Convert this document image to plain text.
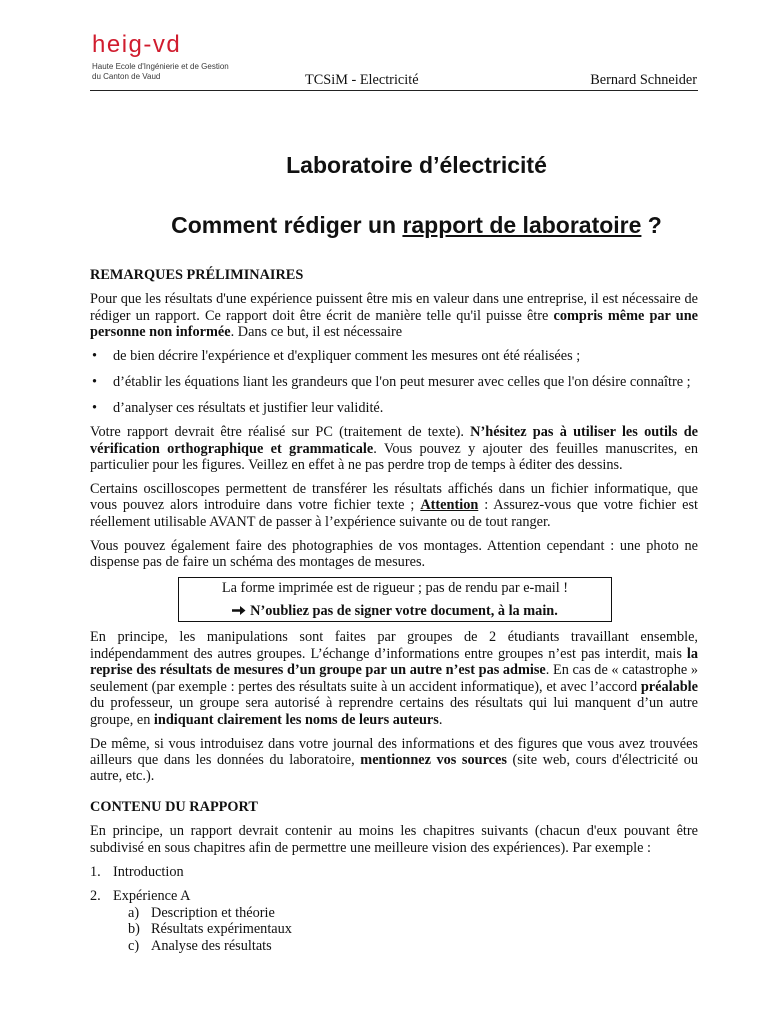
heig-vd
Haute Ecole d'Ingénierie et de Gestion
du Canton de Vaud	TCSiM - Electricité	Bernard Schneider
Laboratoire d’électricité
Comment rédiger un rapport de laboratoire ?
REMARQUES PRÉLIMINAIRES

Pour que les résultats d'une expérience puissent être mis en valeur dans une entreprise, il est nécessaire de rédiger un rapport. Ce rapport doit être écrit de manière telle qu'il puisse être compris même par une personne non informée. Dans ce but, il est nécessaire

•	de bien décrire l'expérience et d'expliquer comment les mesures ont été réalisées ;
•	d’établir les équations liant les grandeurs que l'on peut mesurer avec celles que l'on désire connaître ;
•	d’analyser ces résultats et justifier leur validité.

Votre rapport devrait être réalisé sur PC (traitement de texte). N’hésitez pas à utiliser les outils de vérification orthographique et grammaticale. Vous pouvez y ajouter des feuilles manuscrites, en particulier pour les figures. Veillez en effet à ne pas perdre trop de temps à éditer des dessins.

Certains oscilloscopes permettent de transférer les résultats affichés dans un fichier informatique, que vous pouvez alors introduire dans votre fichier texte ; Attention : Assurez-vous que votre fichier est réellement utilisable AVANT de passer à l’expérience suivante ou de tout ranger.

Vous pouvez également faire des photographies de vos montages. Attention cependant : une photo ne dispense pas de faire un schéma des montages de mesures.

La forme imprimée est de rigueur ; pas de rendu par e-mail !
N’oubliez pas de signer votre document, à la main.

En principe, les manipulations sont faites par groupes de 2 étudiants travaillant ensemble, indépendamment des autres groupes. L’échange d’informations entre groupes n’est pas interdit, mais la reprise des résultats de mesures d’un groupe par un autre n’est pas admise. En cas de « catastrophe » seulement (par exemple : pertes des résultats suite à un accident informatique), et avec l’accord préalable du professeur, un groupe sera autorisé à reprendre certains des résultats qui lui manquent d’un autre groupe, en indiquant clairement les noms de leurs auteurs.

De même, si vous introduisez dans votre journal des informations et des figures que vous avez trouvées ailleurs que dans les données du laboratoire, mentionnez vos sources (site web, cours d'électricité ou autre, etc.).

CONTENU DU RAPPORT

En principe, un rapport devrait contenir au moins les chapitres suivants (chacun d'eux pouvant être subdivisé en sous chapitres afin de permettre une meilleure vision des expériences). Par exemple :

1. Introduction
2. Expérience A
a) Description et théorie
b) Résultats expérimentaux
c) Analyse des résultats
